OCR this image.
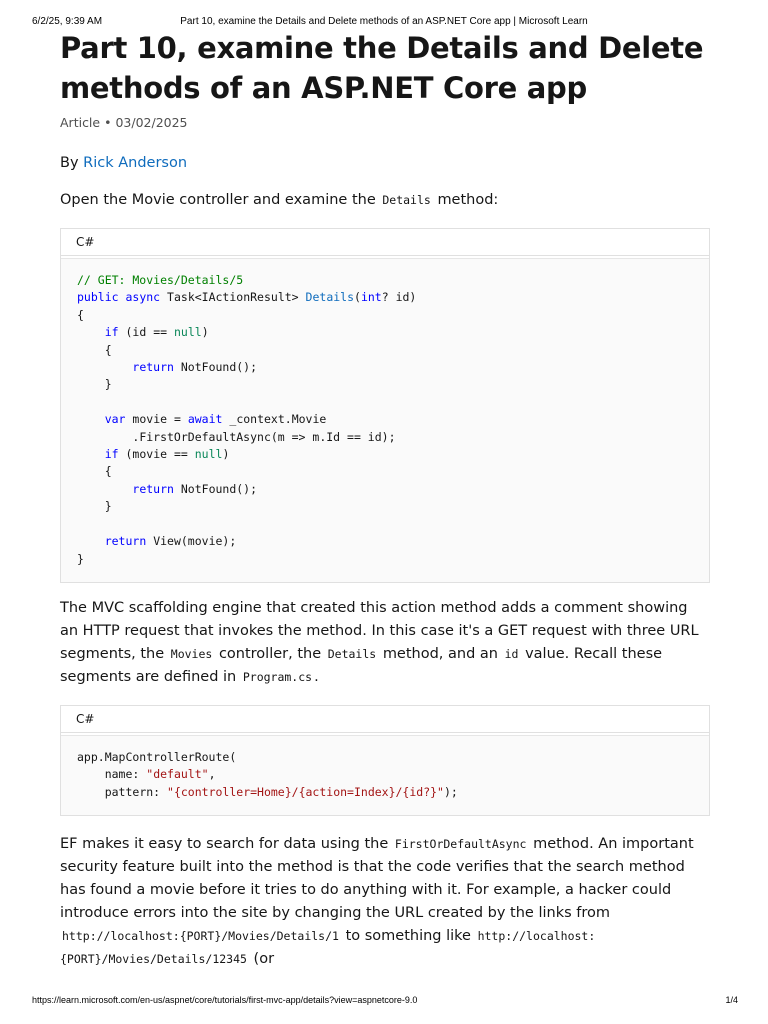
6/2/25, 9:39 AM	Part 10, examine the Details and Delete methods of an ASP.NET Core app | Microsoft Learn
Part 10, examine the Details and Delete methods of an ASP.NET Core app
Article • 03/02/2025
By Rick Anderson

Open the Movie controller and examine the Details method:

C#
// GET: Movies/Details/5
public async Task<IActionResult> Details(int? id)
{
if (id == null)
{
return NotFound();
}

var movie = await _context.Movie
.FirstOrDefaultAsync(m => m.Id == id);
if (movie == null)
{
return NotFound();
}

return View(movie);
}

The MVC scaffolding engine that created this action method adds a comment showing an HTTP request that invokes the method. In this case it's a GET request with three URL segments, the Movies controller, the Details method, and an id value. Recall these segments are defined in Program.cs .

C#
app.MapControllerRoute(
name: "default",
pattern: "{controller=Home}/{action=Index}/{id?}");

EF makes it easy to search for data using the FirstOrDefaultAsync method. An important security feature built into the method is that the code verifies that the search method has found a movie before it tries to do anything with it. For example, a hacker could introduce errors into the site by changing the URL created by the links from http://localhost:{PORT}/Movies/Details/1 to something like http://localhost:{PORT}/Movies/Details/12345 (or

https://learn.microsoft.com/en-us/aspnet/core/tutorials/first-mvc-app/details?view=aspnetcore-9.0	1/4
